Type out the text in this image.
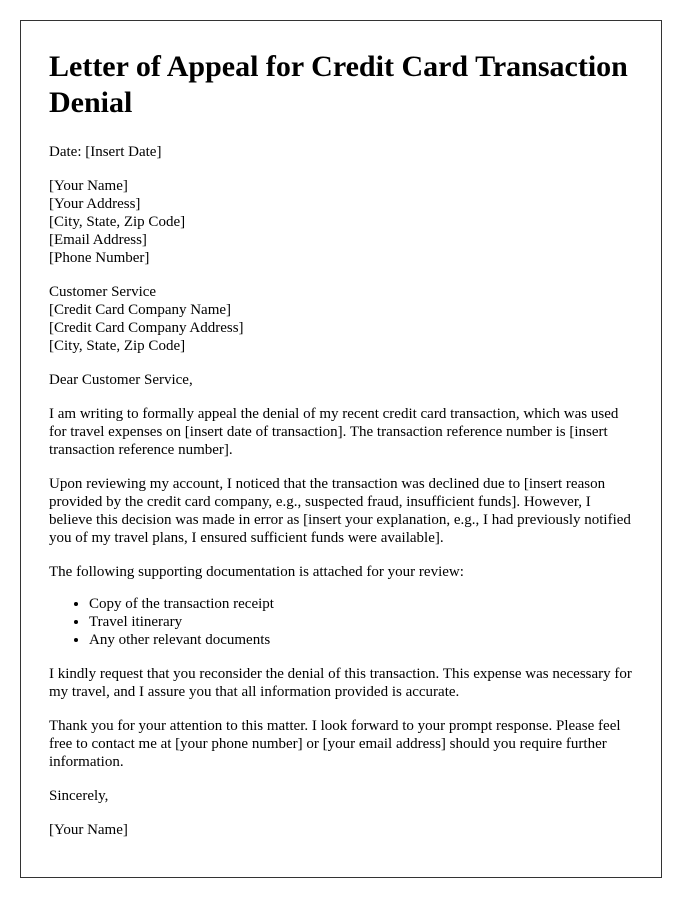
Letter of Appeal for Credit Card Transaction Denial

Date: [Insert Date]

[Your Name]

[Your Address]

[City, State, Zip Code]

[Email Address]

[Phone Number]

Customer Service

[Credit Card Company Name]

[Credit Card Company Address]

[City, State, Zip Code]

Dear Customer Service,

I am writing to formally appeal the denial of my recent credit card transaction, which was used for travel expenses on [insert date of transaction]. The transaction reference number is [insert transaction reference number].

Upon reviewing my account, I noticed that the transaction was declined due to [insert reason provided by the credit card company, e.g., suspected fraud, insufficient funds]. However, I believe this decision was made in error as [insert your explanation, e.g., I had previously notified you of my travel plans, I ensured sufficient funds were available].

The following supporting documentation is attached for your review:

• Copy of the transaction receipt
• Travel itinerary
• Any other relevant documents

I kindly request that you reconsider the denial of this transaction. This expense was necessary for my travel, and I assure you that all information provided is accurate.

Thank you for your attention to this matter. I look forward to your prompt response. Please feel free to contact me at [your phone number] or [your email address] should you require further information.

Sincerely,

[Your Name]
